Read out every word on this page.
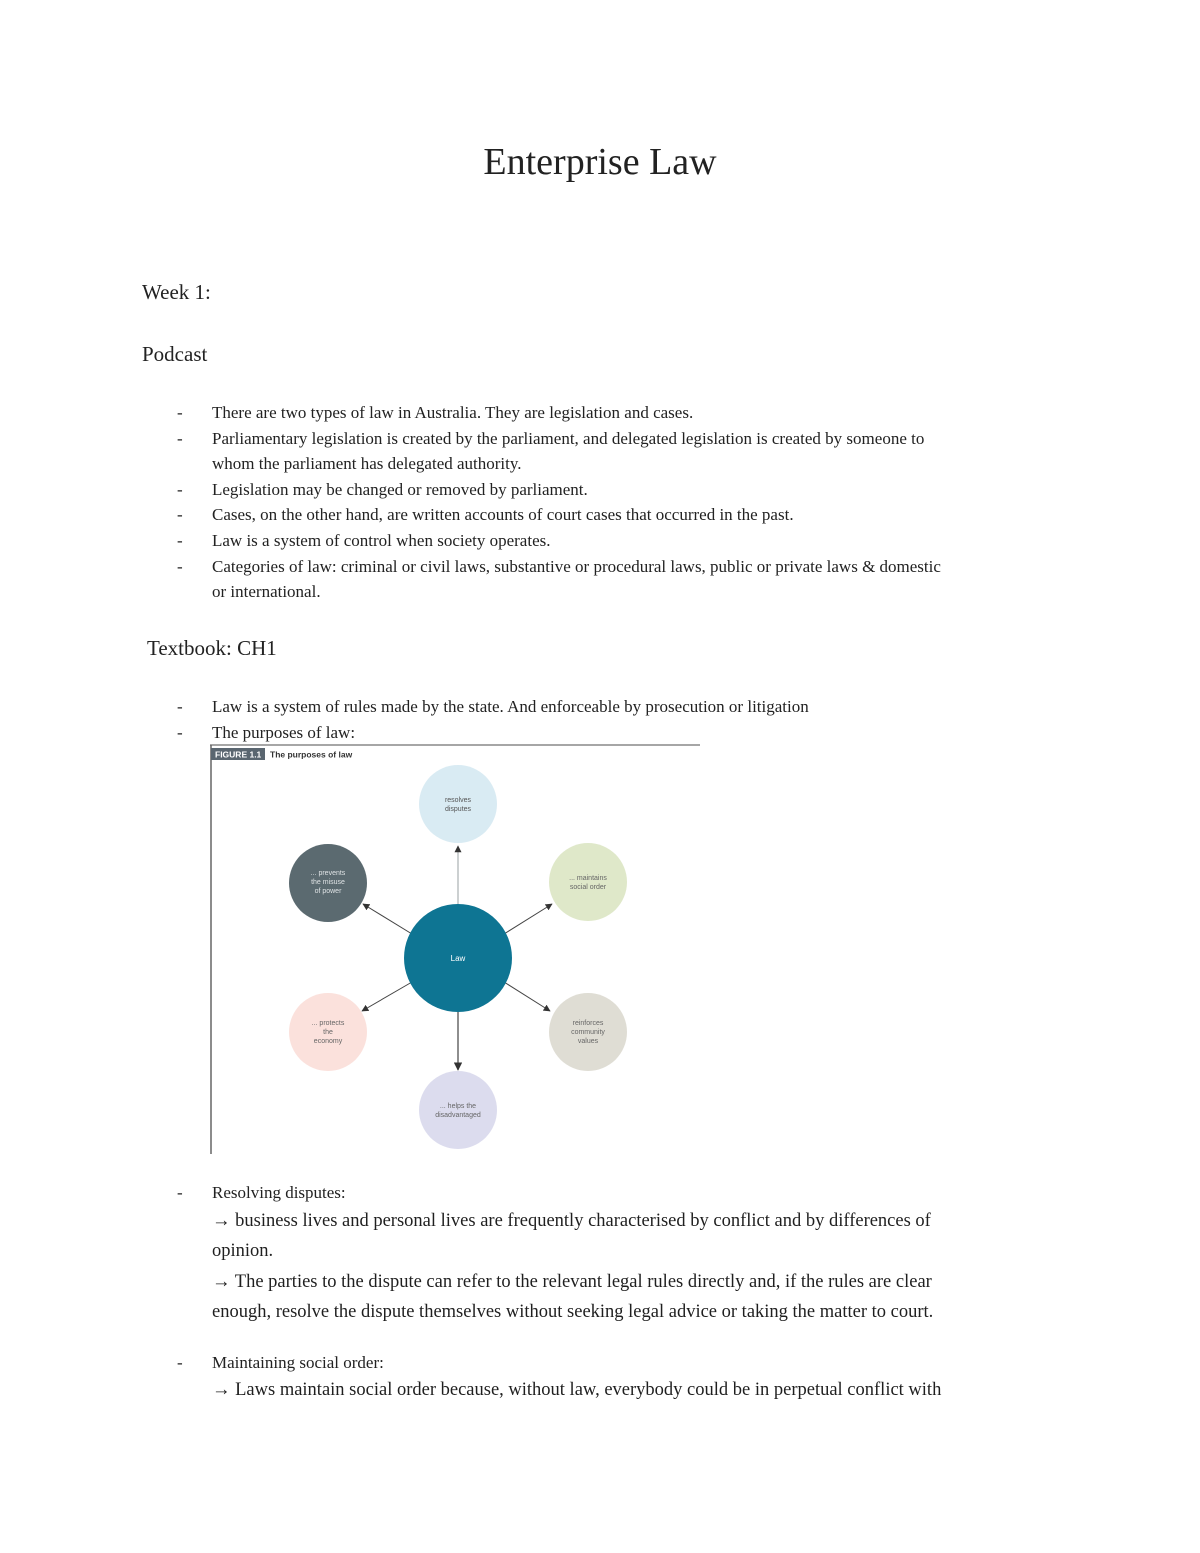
Enterprise Law

Week 1:

Podcast

- There are two types of law in Australia. They are legislation and cases.
- Parliamentary legislation is created by the parliament, and delegated legislation is created by someone to
whom the parliament has delegated authority.
- Legislation may be changed or removed by parliament.
- Cases, on the other hand, are written accounts of court cases that occurred in the past.
- Law is a system of control when society operates.
- Categories of law: criminal or civil laws, substantive or procedural laws, public or private laws & domestic
or international.

Textbook: CH1

- Law is a system of rules made by the state. And enforceable by prosecution or litigation
- The purposes of law:
FIGURE 1.1 The purposes of law
Law
resolves
disputes
... maintains
social order
reinforces
community
values
... helps the
disadvantaged
... protects
the
economy
... prevents
the misuse
of power
- Resolving disputes:
→ business lives and personal lives are frequently characterised by conflict and by differences of
opinion.
→ The parties to the dispute can refer to the relevant legal rules directly and, if the rules are clear
enough, resolve the dispute themselves without seeking legal advice or taking the matter to court.
- Maintaining social order:
→ Laws maintain social order because, without law, everybody could be in perpetual conflict with
